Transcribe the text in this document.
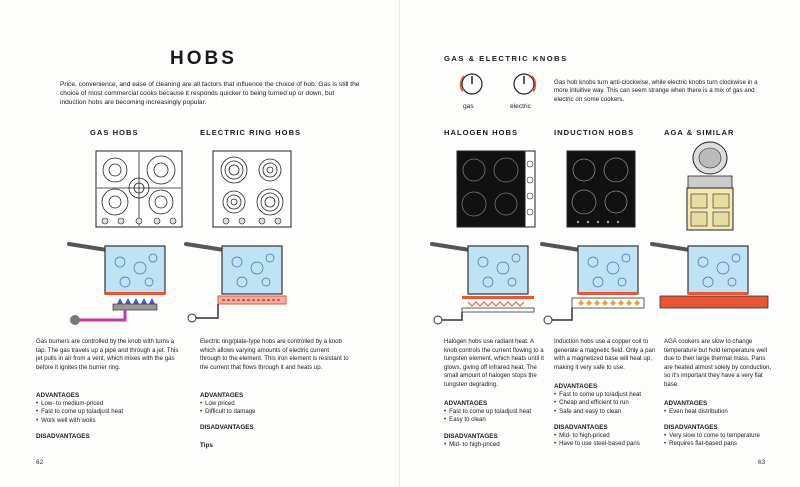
HOBS
Price, convenience, and ease of cleaning are all factors that influence the choice of hob. Gas is still the choice of most commercial cooks because it responds quicker to being turned up or down, but induction hobs are becoming increasingly popular.
GAS HOBS
Gas burners are controlled by the knob with turns a tap. The gas travels up a pipe and through a jet. This jet pulls in air from a vent, which mixes with the gas before it ignites the burner ring.
ADVANTAGES
• Low- to medium-priced
• Fast to come up to/adjust heat
• Work well with woks
DISADVANTAGES
ELECTRIC RING HOBS
Electric ring/plate-type hobs are controlled by a knob which allows varying amounts of electric current through to the element. This iron element is resistant to the current that flows through it and heats up.
ADVANTAGES
• Low priced
• Difficult to damage
DISADVANTAGES
Tips
62
GAS & ELECTRIC KNOBS
gas	electric
Gas hob knobs turn anti-clockwise, while electric knobs turn clockwise in a more intuitive way. This can seem strange when there is a mix of gas and electric on some cookers.
HALOGEN HOBS
Halogen hobs use radiant heat. A knob controls the current flowing to a tungsten element, which heats until it glows, giving off infrared heat. The small amount of halogen stops the tungsten degrading.
ADVANTAGES
• Fast to come up to/adjust heat
• Easy to clean
DISADVANTAGES
• Mid- to high-priced
INDUCTION HOBS
Induction hobs use a copper coil to generate a magnetic field. Only a pan with a magnetized base will heat up, making it very safe to use.
ADVANTAGES
• Fast to come up to/adjust heat
• Cheap and efficient to run
• Safe and easy to clean
DISADVANTAGES
• Mid- to high-priced
• Have to use steel-based pans
AGA & SIMILAR
AGA cookers are slow to change temperature but hold temperature well due to their large thermal mass. Pans are heated almost solely by conduction, so it's important they have a very flat base.
ADVANTAGES
• Even heat distribution
DISADVANTAGES
• Very slow to come to temperature
• Requires flat-based pans
63
